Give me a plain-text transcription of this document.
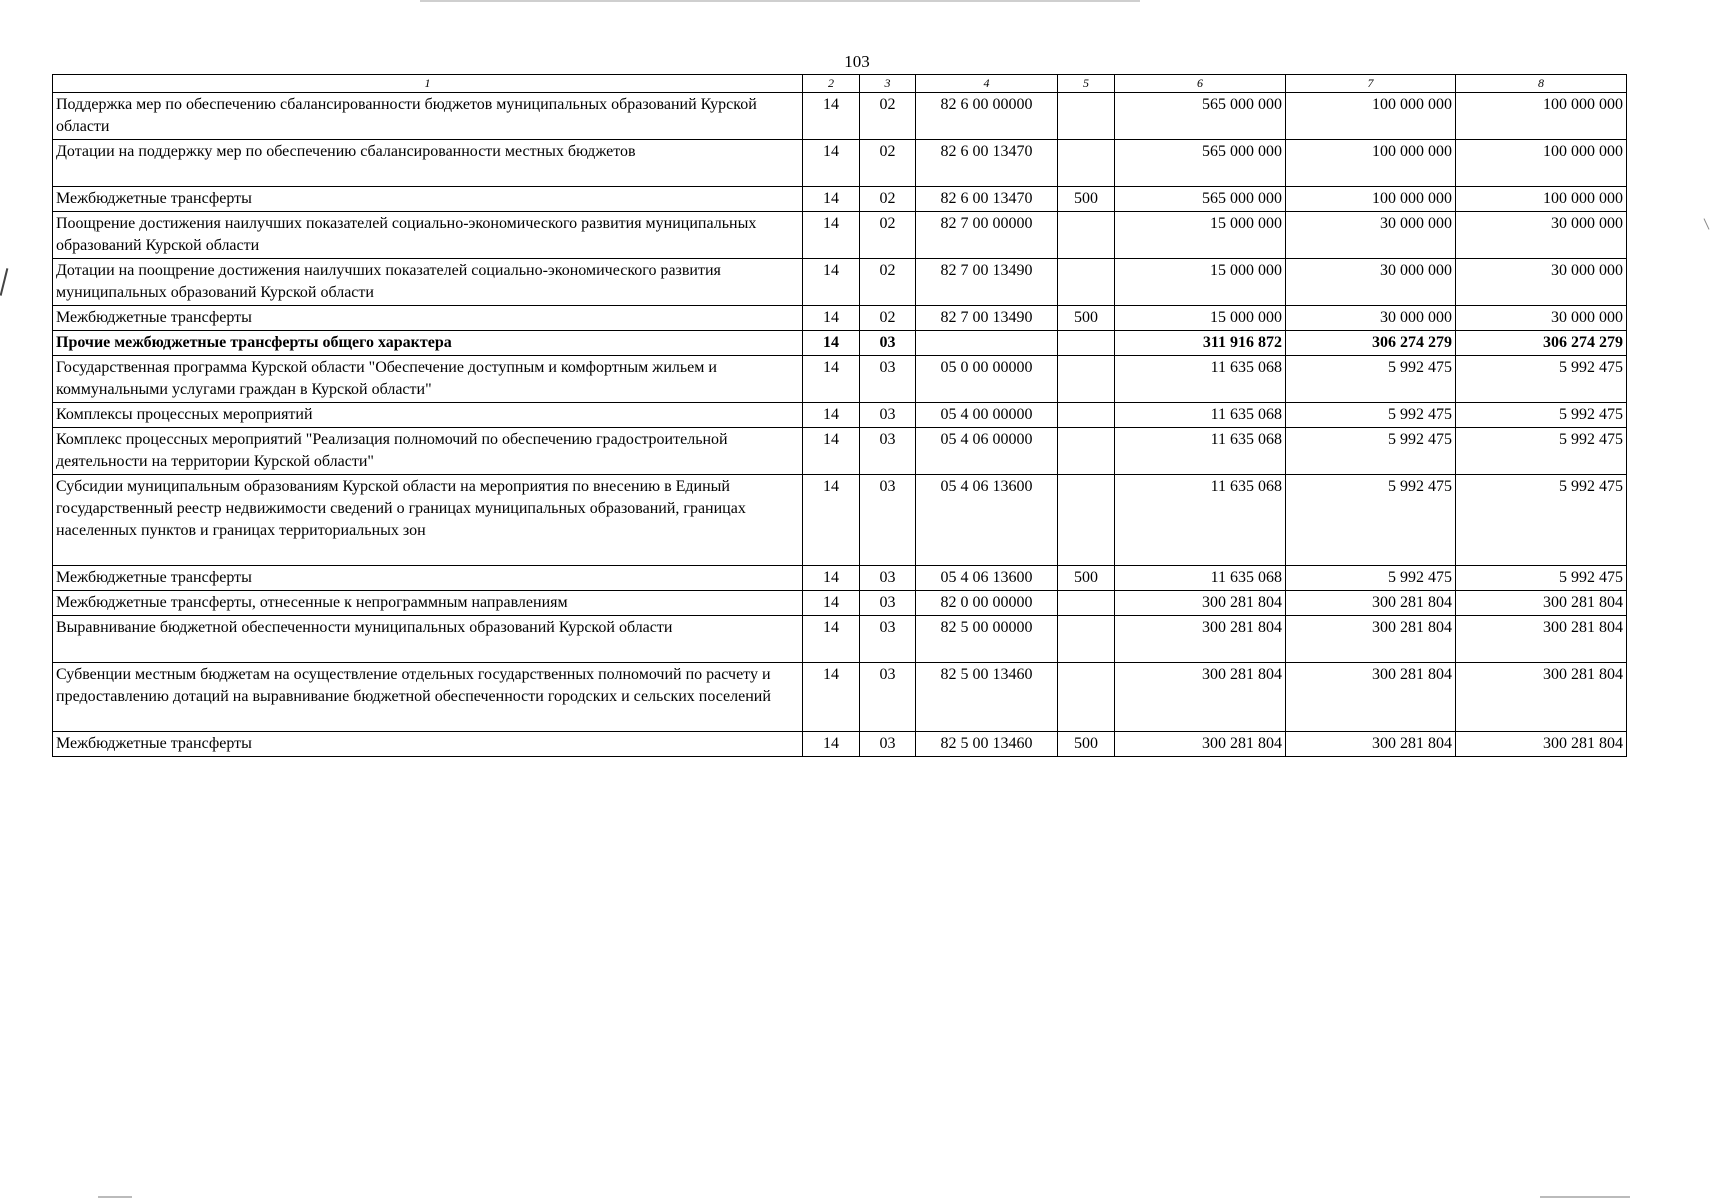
103
1	2	3	4	5	6	7	8
Поддержка мер по обеспечению сбалансированности бюджетов муниципальных образований Курской области	14	02	82 6 00 00000		565 000 000	100 000 000	100 000 000
Дотации на поддержку мер по обеспечению сбалансированности местных бюджетов	14	02	82 6 00 13470		565 000 000	100 000 000	100 000 000
Межбюджетные трансферты	14	02	82 6 00 13470	500	565 000 000	100 000 000	100 000 000
Поощрение достижения наилучших показателей социально-экономического развития муниципальных образований Курской области	14	02	82 7 00 00000		15 000 000	30 000 000	30 000 000
Дотации на поощрение достижения наилучших показателей социально-экономического развития муниципальных образований Курской области	14	02	82 7 00 13490		15 000 000	30 000 000	30 000 000
Межбюджетные трансферты	14	02	82 7 00 13490	500	15 000 000	30 000 000	30 000 000
Прочие межбюджетные трансферты общего характера	14	03			311 916 872	306 274 279	306 274 279
Государственная программа Курской области "Обеспечение доступным и комфортным жильем и коммунальными услугами граждан в Курской области"	14	03	05 0 00 00000		11 635 068	5 992 475	5 992 475
Комплексы процессных мероприятий	14	03	05 4 00 00000		11 635 068	5 992 475	5 992 475
Комплекс процессных мероприятий "Реализация полномочий по обеспечению градостроительной деятельности на территории Курской области"	14	03	05 4 06 00000		11 635 068	5 992 475	5 992 475
Субсидии муниципальным образованиям Курской области на мероприятия по внесению в Единый государственный реестр недвижимости сведений о границах муниципальных образований, границах населенных пунктов и границах территориальных зон	14	03	05 4 06 13600		11 635 068	5 992 475	5 992 475
Межбюджетные трансферты	14	03	05 4 06 13600	500	11 635 068	5 992 475	5 992 475
Межбюджетные трансферты, отнесенные к непрограммным направлениям	14	03	82 0 00 00000		300 281 804	300 281 804	300 281 804
Выравнивание бюджетной обеспеченности муниципальных образований Курской области	14	03	82 5 00 00000		300 281 804	300 281 804	300 281 804
Субвенции местным бюджетам на осуществление отдельных государственных полномочий по расчету и предоставлению дотаций на выравнивание бюджетной обеспеченности городских и сельских поселений	14	03	82 5 00 13460		300 281 804	300 281 804	300 281 804
Межбюджетные трансферты	14	03	82 5 00 13460	500	300 281 804	300 281 804	300 281 804
